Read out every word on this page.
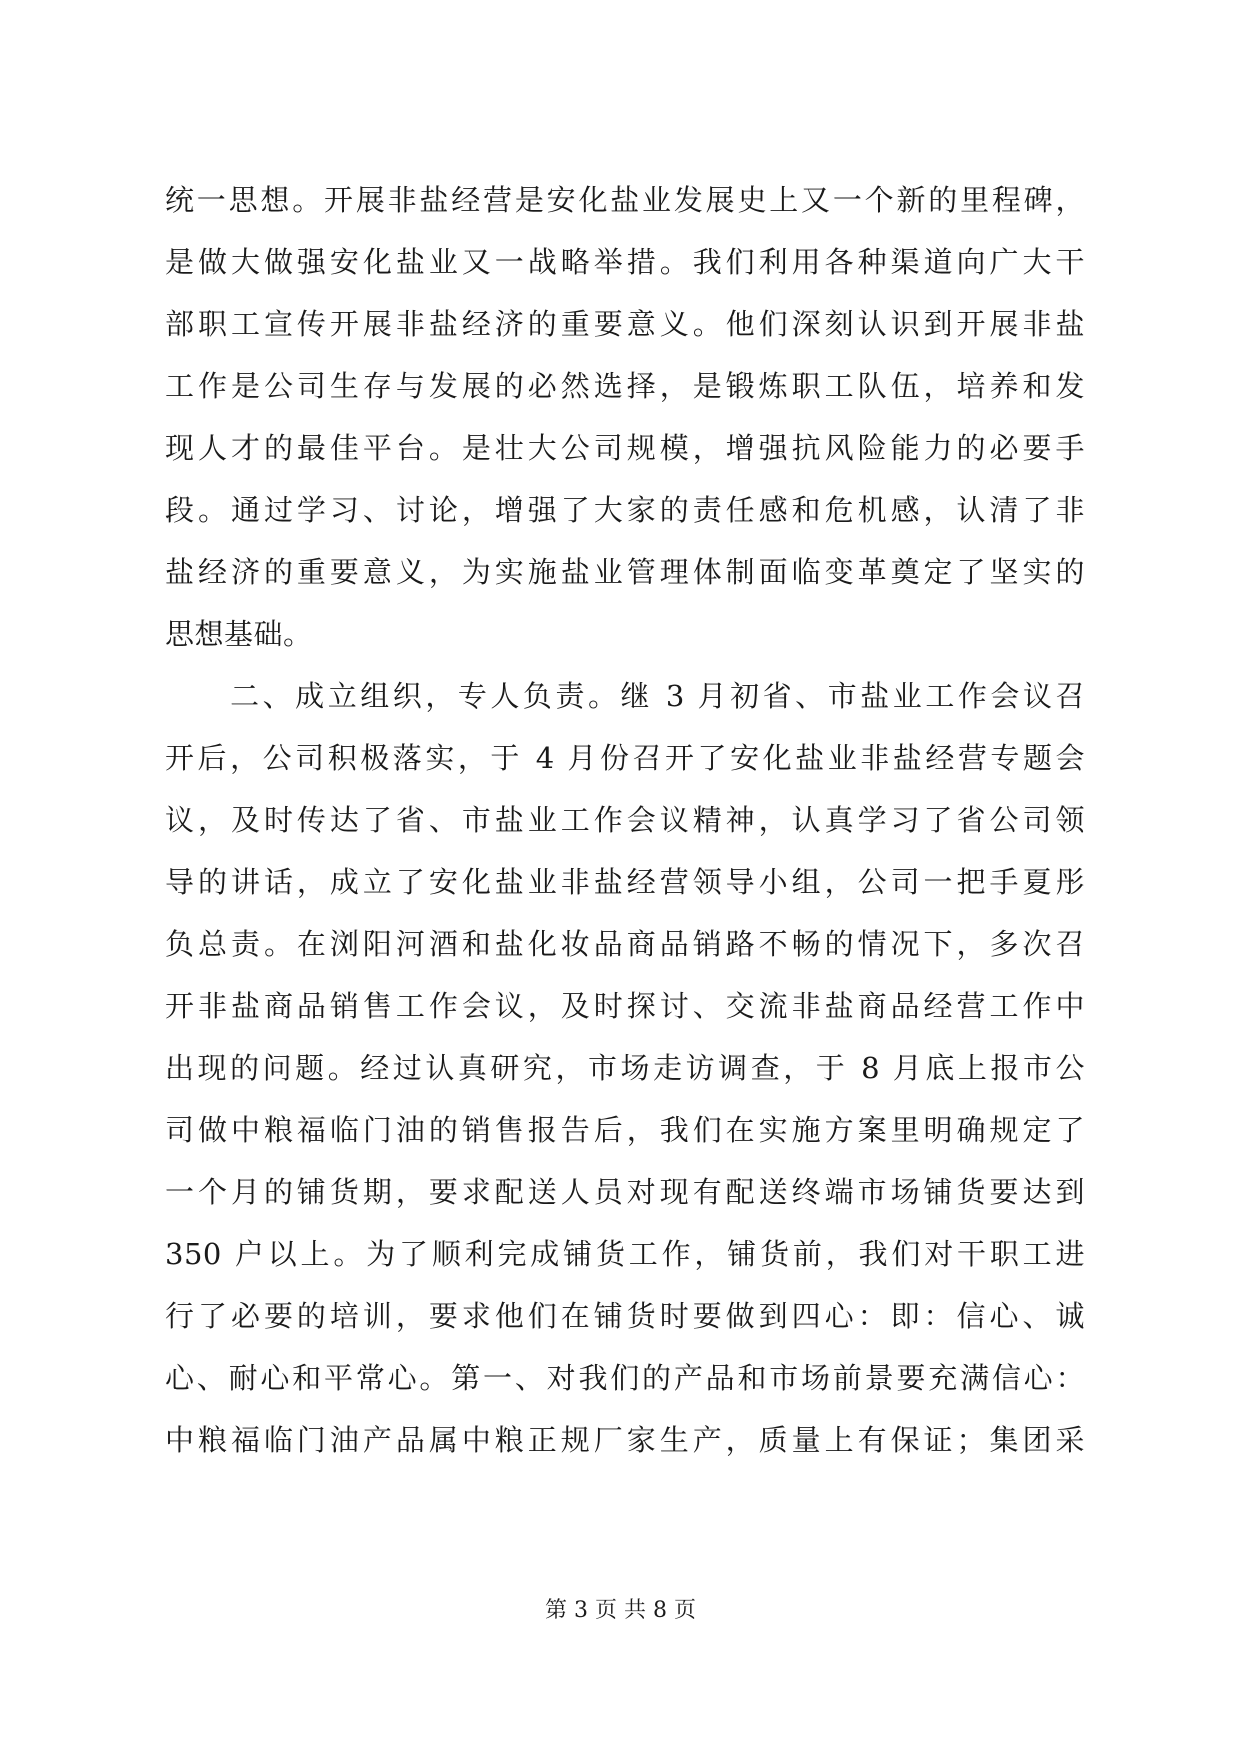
统一思想。开展非盐经营是安化盐业发展史上又一个新的里程碑，
是做大做强安化盐业又一战略举措。我们利用各种渠道向广大干
部职工宣传开展非盐经济的重要意义。他们深刻认识到开展非盐
工作是公司生存与发展的必然选择，是锻炼职工队伍，培养和发
现人才的最佳平台。是壮大公司规模，增强抗风险能力的必要手
段。通过学习、讨论，增强了大家的责任感和危机感，认清了非
盐经济的重要意义，为实施盐业管理体制面临变革奠定了坚实的
思想基础。
　　二、成立组织，专人负责。继 3 月初省、市盐业工作会议召
开后，公司积极落实，于 4 月份召开了安化盐业非盐经营专题会
议，及时传达了省、市盐业工作会议精神，认真学习了省公司领
导的讲话，成立了安化盐业非盐经营领导小组，公司一把手夏彤
负总责。在浏阳河酒和盐化妆品商品销路不畅的情况下，多次召
开非盐商品销售工作会议，及时探讨、交流非盐商品经营工作中
出现的问题。经过认真研究，市场走访调查，于 8 月底上报市公
司做中粮福临门油的销售报告后，我们在实施方案里明确规定了
一个月的铺货期，要求配送人员对现有配送终端市场铺货要达到
350 户以上。为了顺利完成铺货工作，铺货前，我们对干职工进
行了必要的培训，要求他们在铺货时要做到四心：即：信心、诚
心、耐心和平常心。第一、对我们的产品和市场前景要充满信心：
中粮福临门油产品属中粮正规厂家生产，质量上有保证；集团采
第 3 页 共 8 页
